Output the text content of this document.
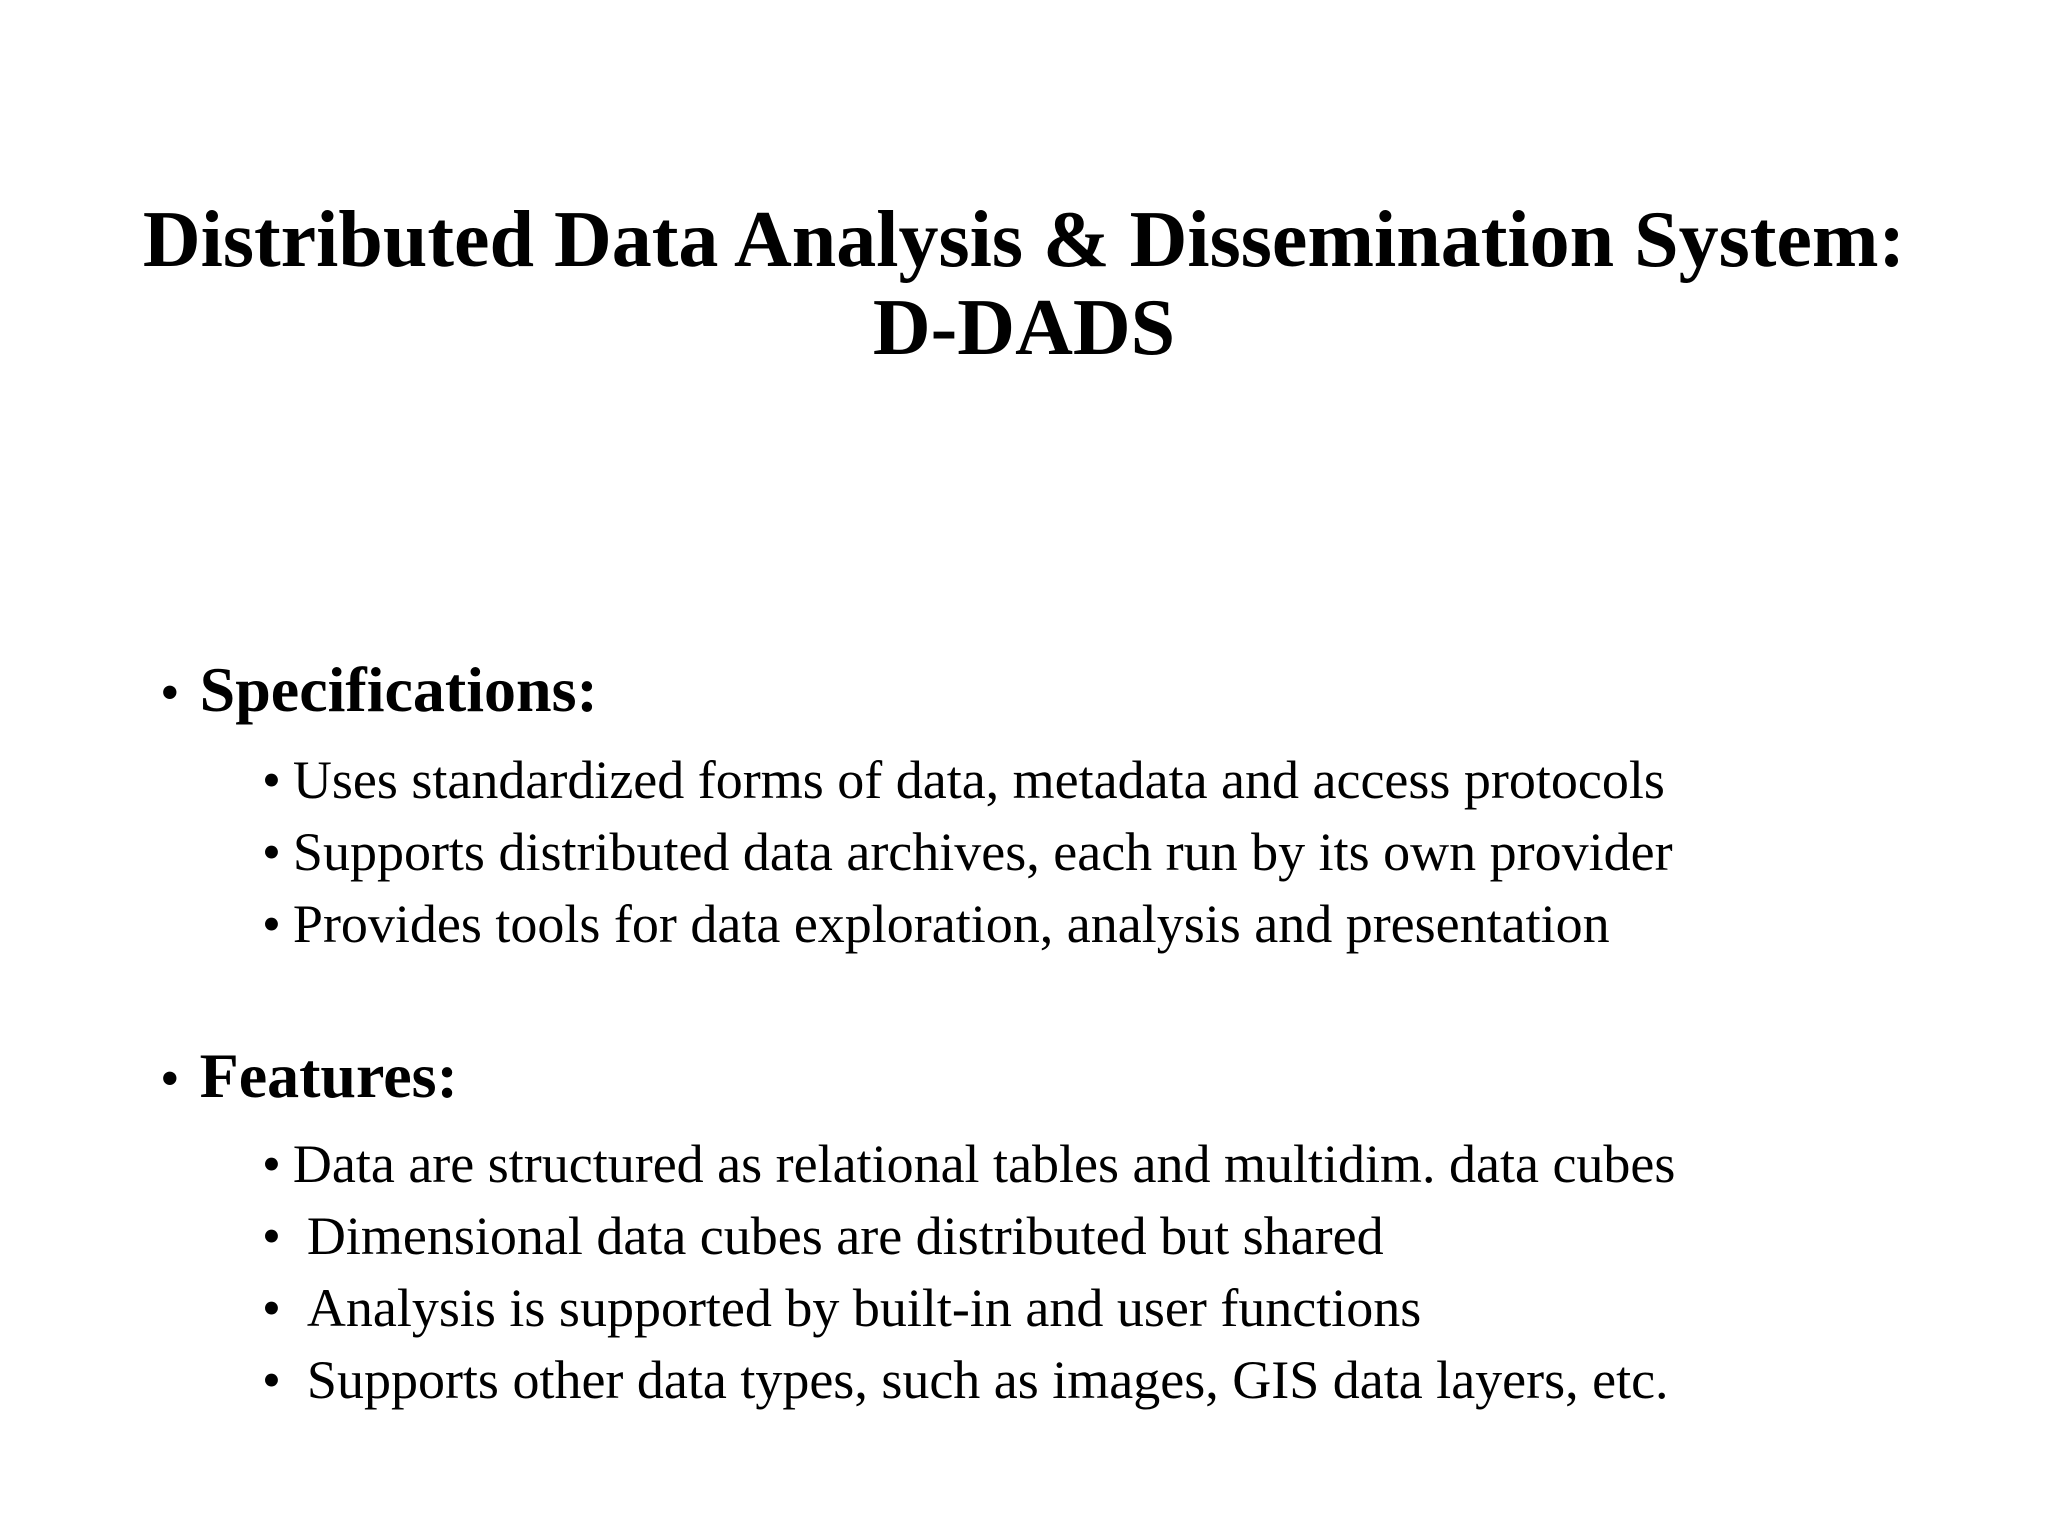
Distributed Data Analysis & Dissemination System:
D-DADS
• Specifications:
• Uses standardized forms of data, metadata and access protocols
• Supports distributed data archives, each run by its own provider
• Provides tools for data exploration, analysis and presentation
• Features:
• Data are structured as relational tables and multidim. data cubes
• Dimensional data cubes are distributed but shared
• Analysis is supported by built-in and user functions
• Supports other data types, such as images, GIS data layers, etc.
